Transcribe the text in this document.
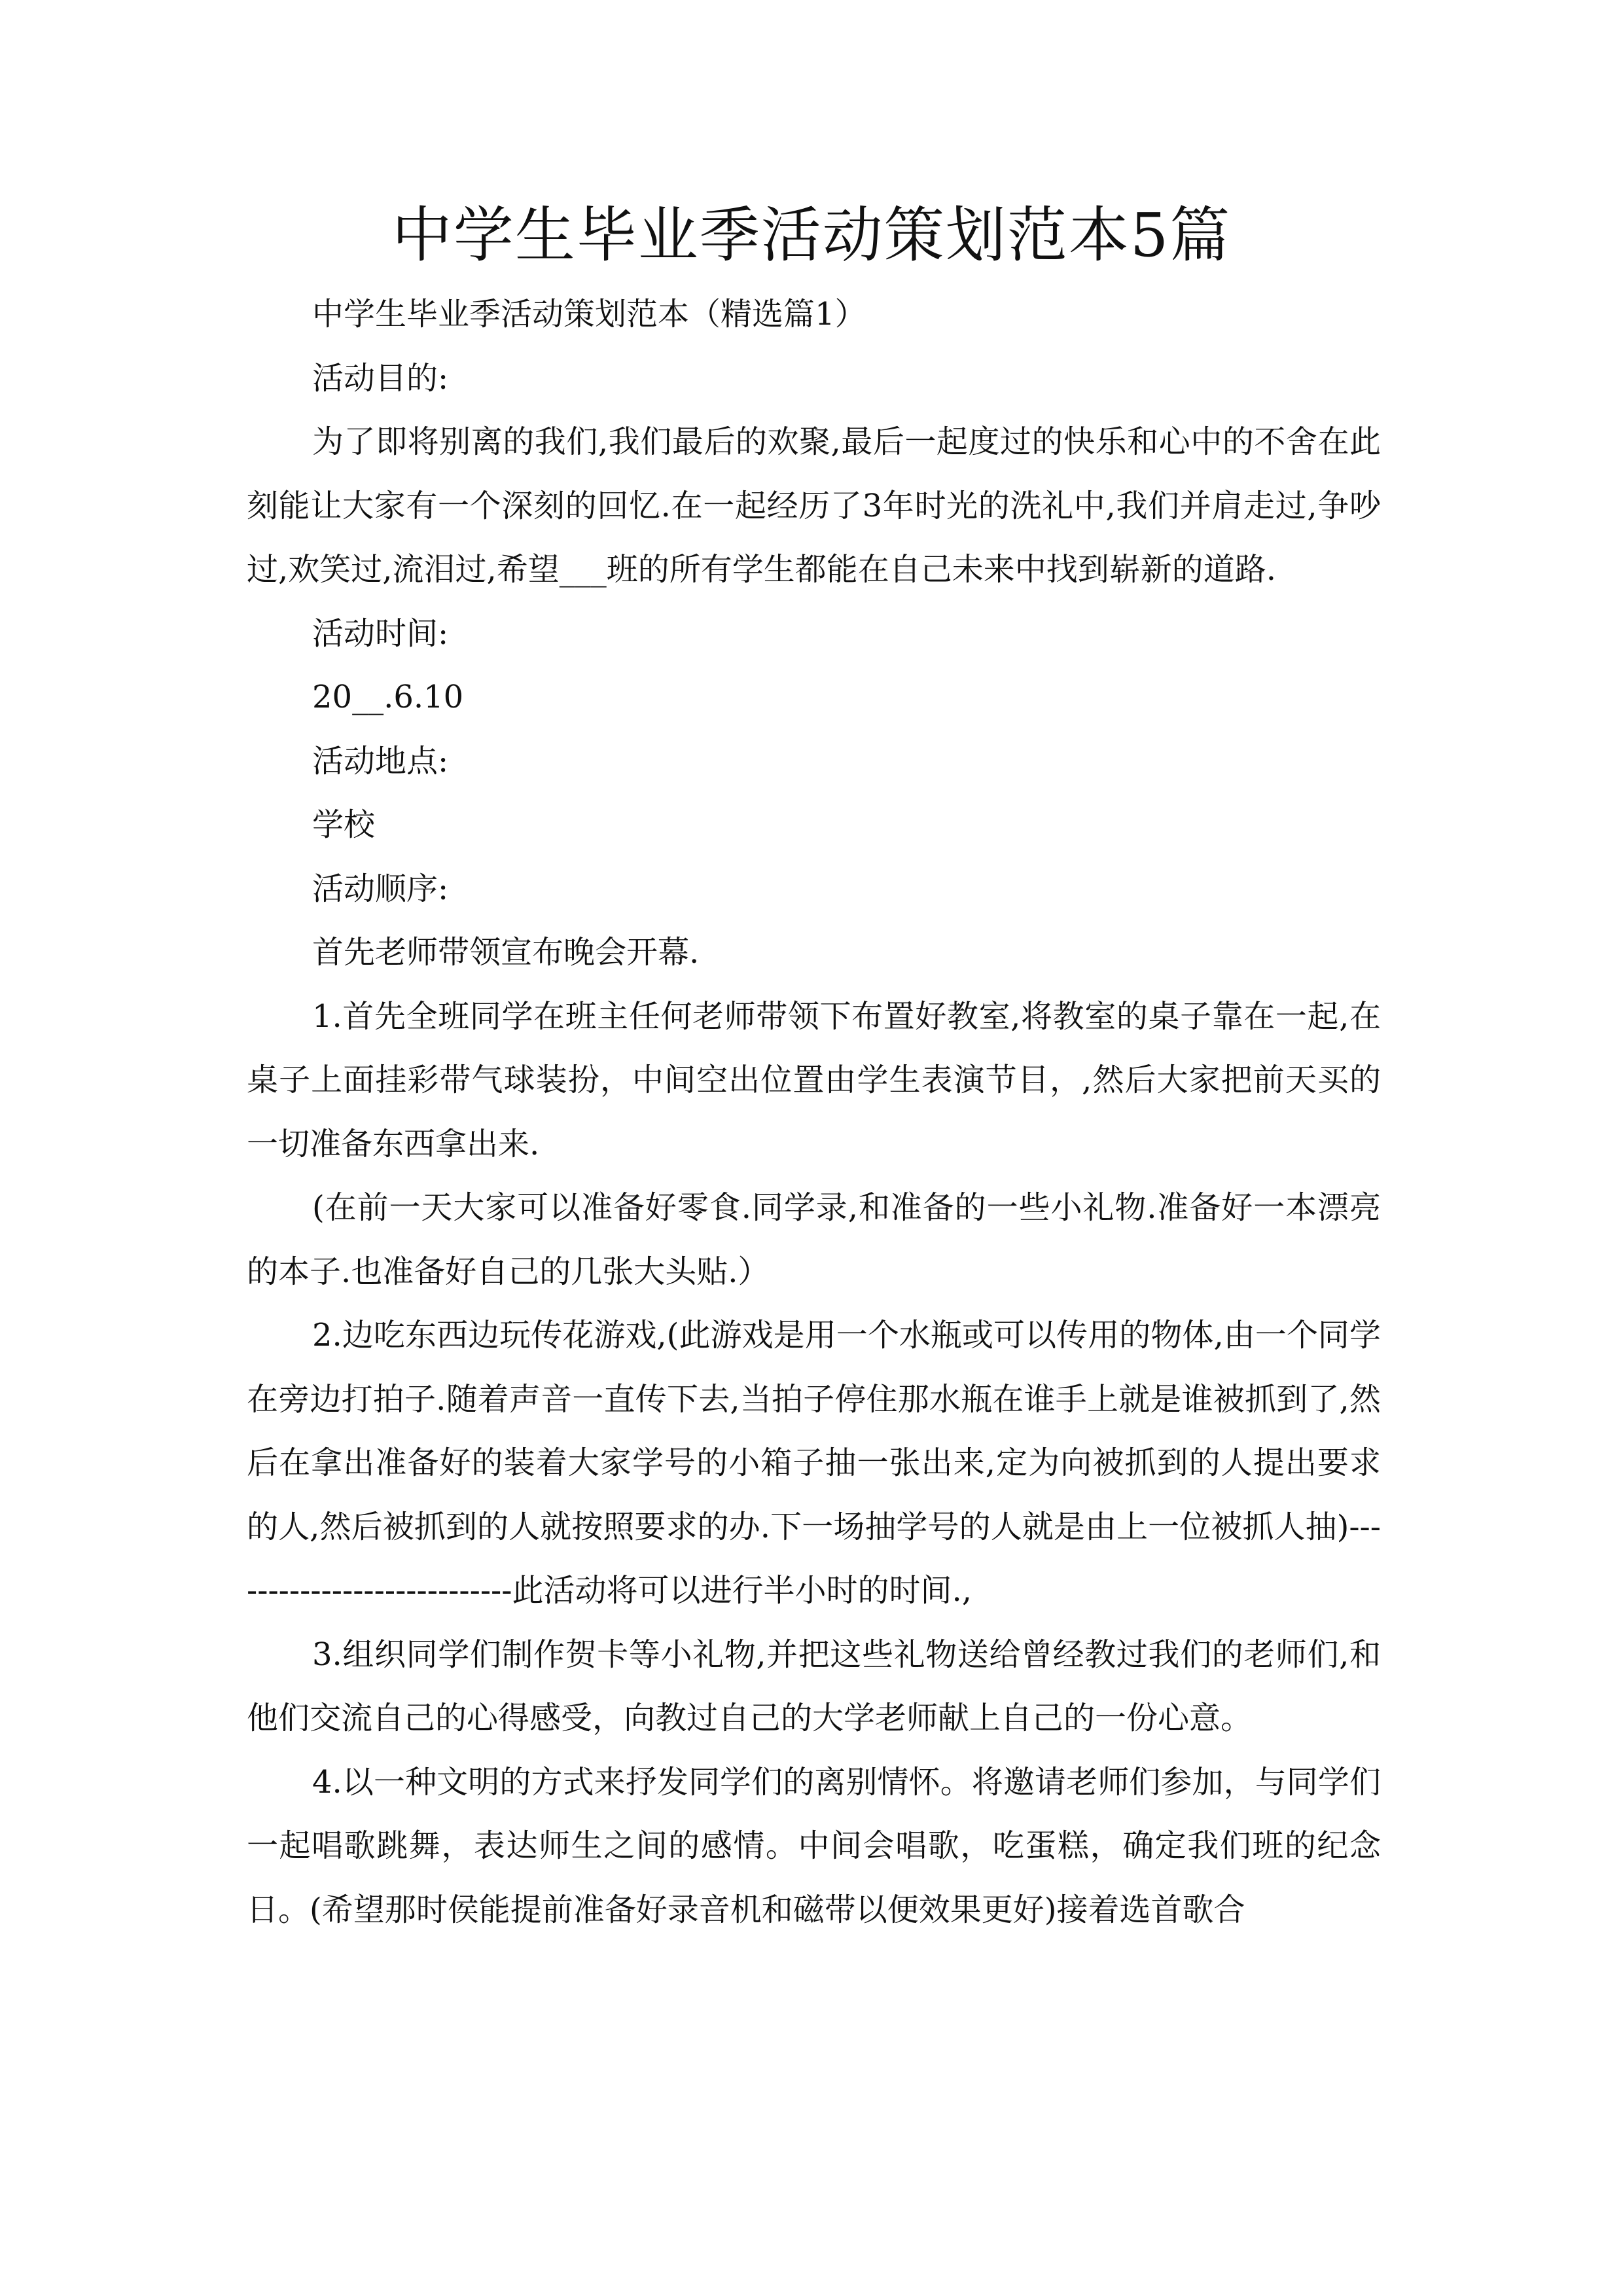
中学生毕业季活动策划范本5篇

中学生毕业季活动策划范本（精选篇1）

活动目的:

为了即将别离的我们,我们最后的欢聚,最后一起度过的快乐和心中的不舍在此刻能让大家有一个深刻的回忆.在一起经历了3年时光的洗礼中,我们并肩走过,争吵过,欢笑过,流泪过,希望___班的所有学生都能在自己未来中找到崭新的道路.

活动时间:

20__.6.10

活动地点:

学校

活动顺序:

首先老师带领宣布晚会开幕.

1.首先全班同学在班主任何老师带领下布置好教室,将教室的桌子靠在一起,在桌子上面挂彩带气球装扮，中间空出位置由学生表演节目，,然后大家把前天买的一切准备东西拿出来.

(在前一天大家可以准备好零食.同学录,和准备的一些小礼物.准备好一本漂亮的本子.也准备好自己的几张大头贴.）

2.边吃东西边玩传花游戏,(此游戏是用一个水瓶或可以传用的物体,由一个同学在旁边打拍子.随着声音一直传下去,当拍子停住那水瓶在谁手上就是谁被抓到了,然后在拿出准备好的装着大家学号的小箱子抽一张出来,定为向被抓到的人提出要求的人,然后被抓到的人就按照要求的办.下一场抽学号的人就是由上一位被抓人抽)----------------------------此活动将可以进行半小时的时间.,

3.组织同学们制作贺卡等小礼物,并把这些礼物送给曾经教过我们的老师们,和他们交流自己的心得感受，向教过自己的大学老师献上自己的一份心意。

4.以一种文明的方式来抒发同学们的离别情怀。将邀请老师们参加，与同学们一起唱歌跳舞，表达师生之间的感情。中间会唱歌，吃蛋糕，确定我们班的纪念日。(希望那时侯能提前准备好录音机和磁带以便效果更好)接着选首歌合
